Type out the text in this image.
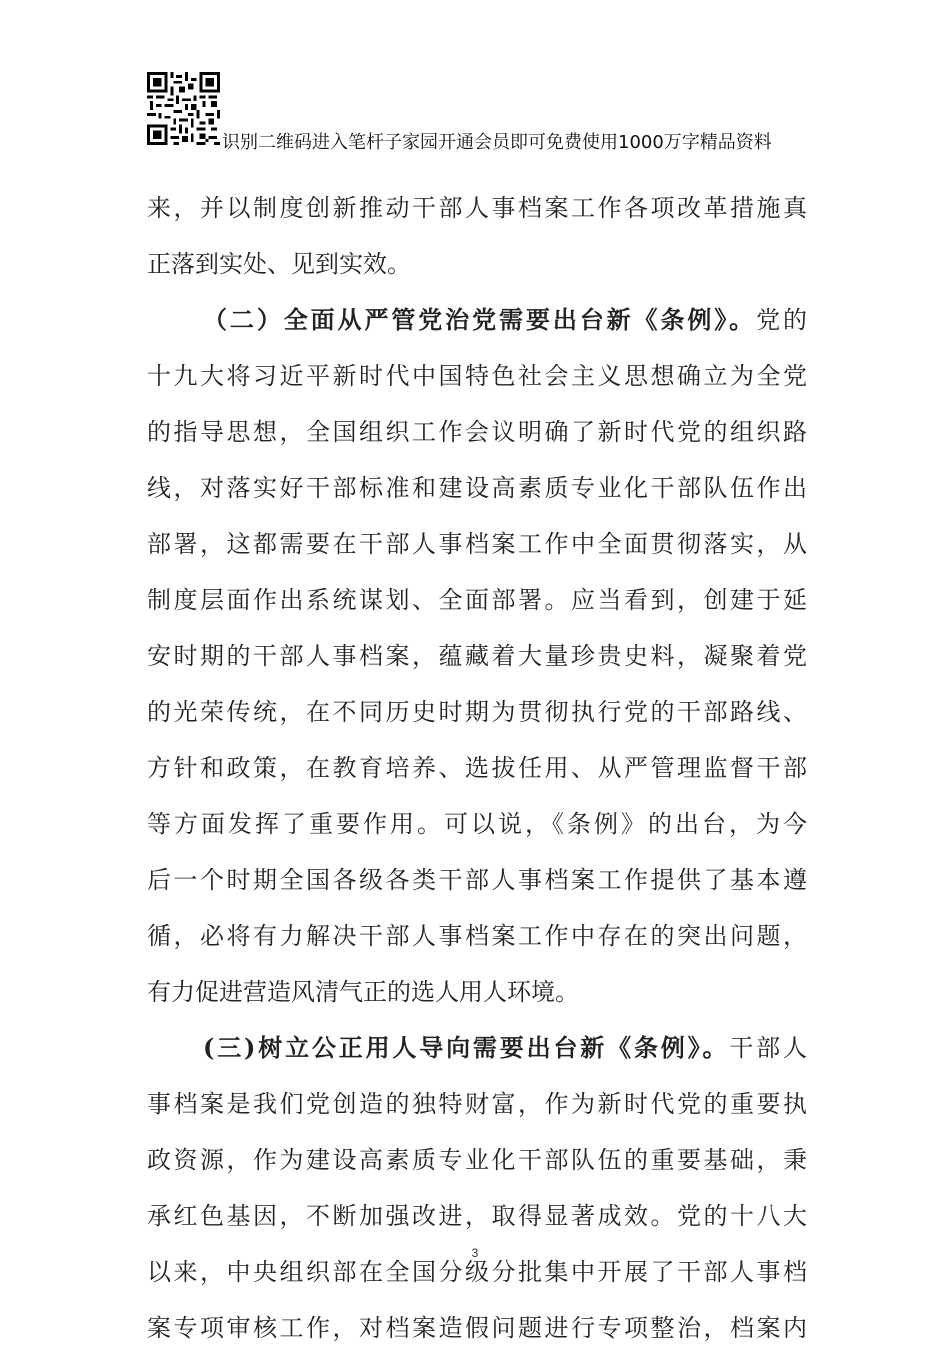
识别二维码进入笔杆子家园开通会员即可免费使用1000万字精品资料
来，并以制度创新推动干部人事档案工作各项改革措施真
正落到实处、见到实效。
（二）全面从严管党治党需要出台新《条例》。党的
十九大将习近平新时代中国特色社会主义思想确立为全党
的指导思想，全国组织工作会议明确了新时代党的组织路
线，对落实好干部标准和建设高素质专业化干部队伍作出
部署，这都需要在干部人事档案工作中全面贯彻落实，从
制度层面作出系统谋划、全面部署。应当看到，创建于延
安时期的干部人事档案，蕴藏着大量珍贵史料，凝聚着党
的光荣传统，在不同历史时期为贯彻执行党的干部路线、
方针和政策，在教育培养、选拔任用、从严管理监督干部
等方面发挥了重要作用。可以说，《条例》的出台，为今
后一个时期全国各级各类干部人事档案工作提供了基本遵
循，必将有力解决干部人事档案工作中存在的突出问题，
有力促进营造风清气正的选人用人环境。
(三)树立公正用人导向需要出台新《条例》。干部人
事档案是我们党创造的独特财富，作为新时代党的重要执
政资源，作为建设高素质专业化干部队伍的重要基础，秉
承红色基因，不断加强改进，取得显著成效。党的十八大
以来，中央组织部在全国分级分批集中开展了干部人事档
案专项审核工作，对档案造假问题进行专项整治，档案内
3
